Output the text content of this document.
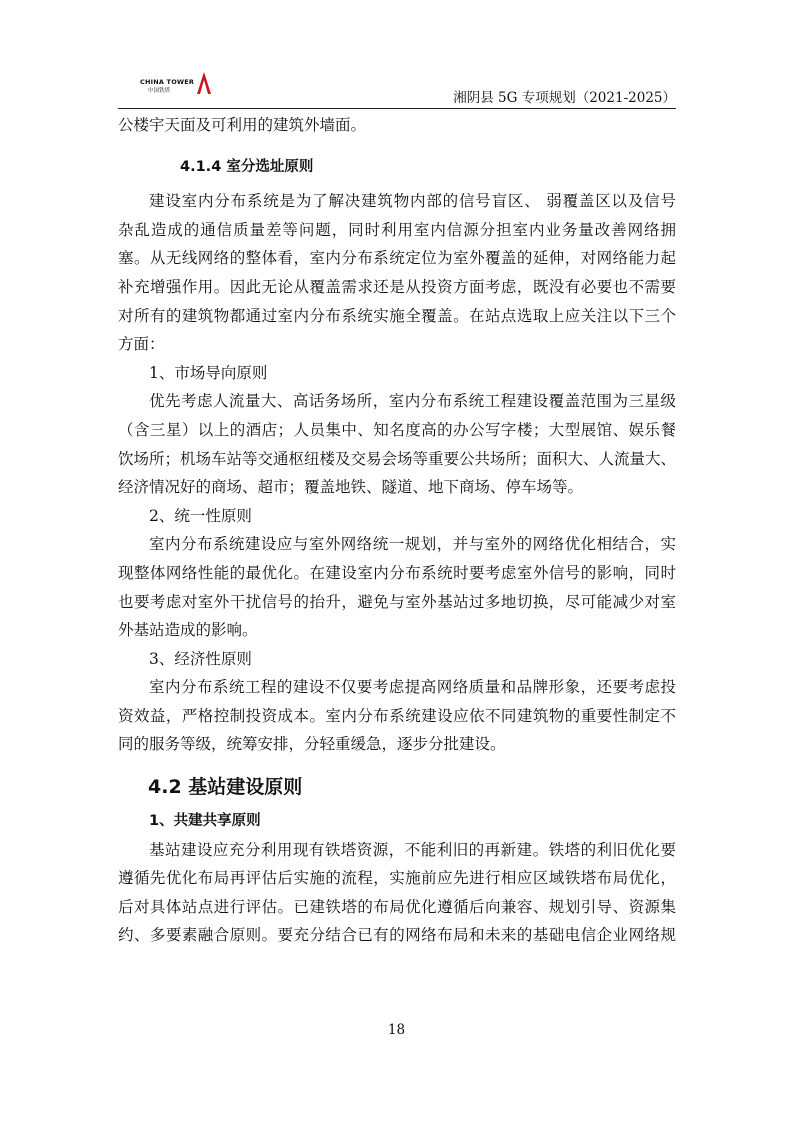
CHINA TOWER
中国铁塔	湘阴县 5G 专项规划（2021-2025）

公楼宇天面及可利用的建筑外墙面。

4.1.4 室分选址原则

建设室内分布系统是为了解决建筑物内部的信号盲区、 弱覆盖区以及信号

杂乱造成的通信质量差等问题，同时利用室内信源分担室内业务量改善网络拥

塞。从无线网络的整体看，室内分布系统定位为室外覆盖的延伸，对网络能力起

补充增强作用。因此无论从覆盖需求还是从投资方面考虑，既没有必要也不需要

对所有的建筑物都通过室内分布系统实施全覆盖。在站点选取上应关注以下三个

方面：

1、市场导向原则

优先考虑人流量大、高话务场所，室内分布系统工程建设覆盖范围为三星级

（含三星）以上的酒店；人员集中、知名度高的办公写字楼；大型展馆、娱乐餐

饮场所；机场车站等交通枢纽楼及交易会场等重要公共场所；面积大、人流量大、

经济情况好的商场、超市；覆盖地铁、隧道、地下商场、停车场等。

2、统一性原则

室内分布系统建设应与室外网络统一规划，并与室外的网络优化相结合，实

现整体网络性能的最优化。在建设室内分布系统时要考虑室外信号的影响，同时

也要考虑对室外干扰信号的抬升，避免与室外基站过多地切换，尽可能减少对室

外基站造成的影响。

3、经济性原则

室内分布系统工程的建设不仅要考虑提高网络质量和品牌形象，还要考虑投

资效益，严格控制投资成本。室内分布系统建设应依不同建筑物的重要性制定不

同的服务等级，统筹安排，分轻重缓急，逐步分批建设。

4.2 基站建设原则
1、共建共享原则

基站建设应充分利用现有铁塔资源，不能利旧的再新建。铁塔的利旧优化要

遵循先优化布局再评估后实施的流程，实施前应先进行相应区域铁塔布局优化，

后对具体站点进行评估。已建铁塔的布局优化遵循后向兼容、规划引导、资源集

约、多要素融合原则。要充分结合已有的网络布局和未来的基础电信企业网络规

18
